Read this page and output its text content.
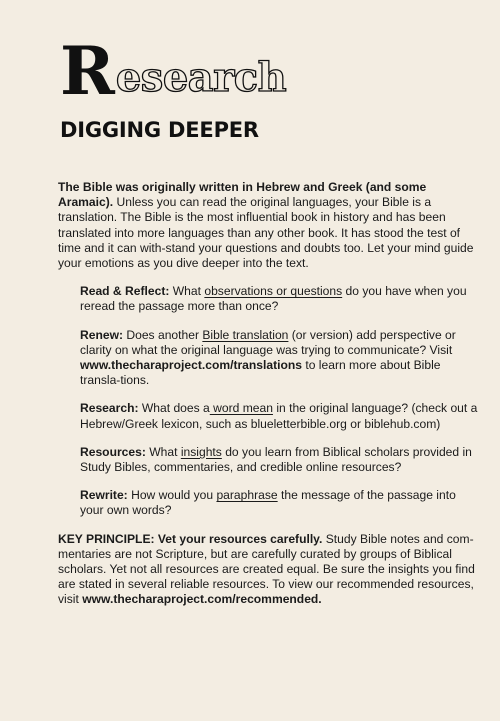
R esearch
DIGGING DEEPER

The Bible was originally written in Hebrew and Greek (and some Aramaic). Unless you can read the original languages, your Bible is a translation. The Bible is the most influential book in history and has been translated into more languages than any other book. It has stood the test of time and it can with-stand your questions and doubts too. Let your mind guide your emotions as you dive deeper into the text.

Read & Reflect: What observations or questions do you have when you reread the passage more than once?

Renew: Does another Bible translation (or version) add perspective or clarity on what the original language was trying to communicate? Visit www.thecharaproject.com/translations to learn more about Bible transla-tions.

Research: What does a word mean in the original language? (check out a Hebrew/Greek lexicon, such as blueletterbible.org or biblehub.com)

Resources: What insights do you learn from Biblical scholars provided in Study Bibles, commentaries, and credible online resources?

Rewrite: How would you paraphrase the message of the passage into your own words?

KEY PRINCIPLE: Vet your resources carefully. Study Bible notes and com-mentaries are not Scripture, but are carefully curated by groups of Biblical scholars. Yet not all resources are created equal. Be sure the insights you find are stated in several reliable resources. To view our recommended resources, visit www.thecharaproject.com/recommended.
